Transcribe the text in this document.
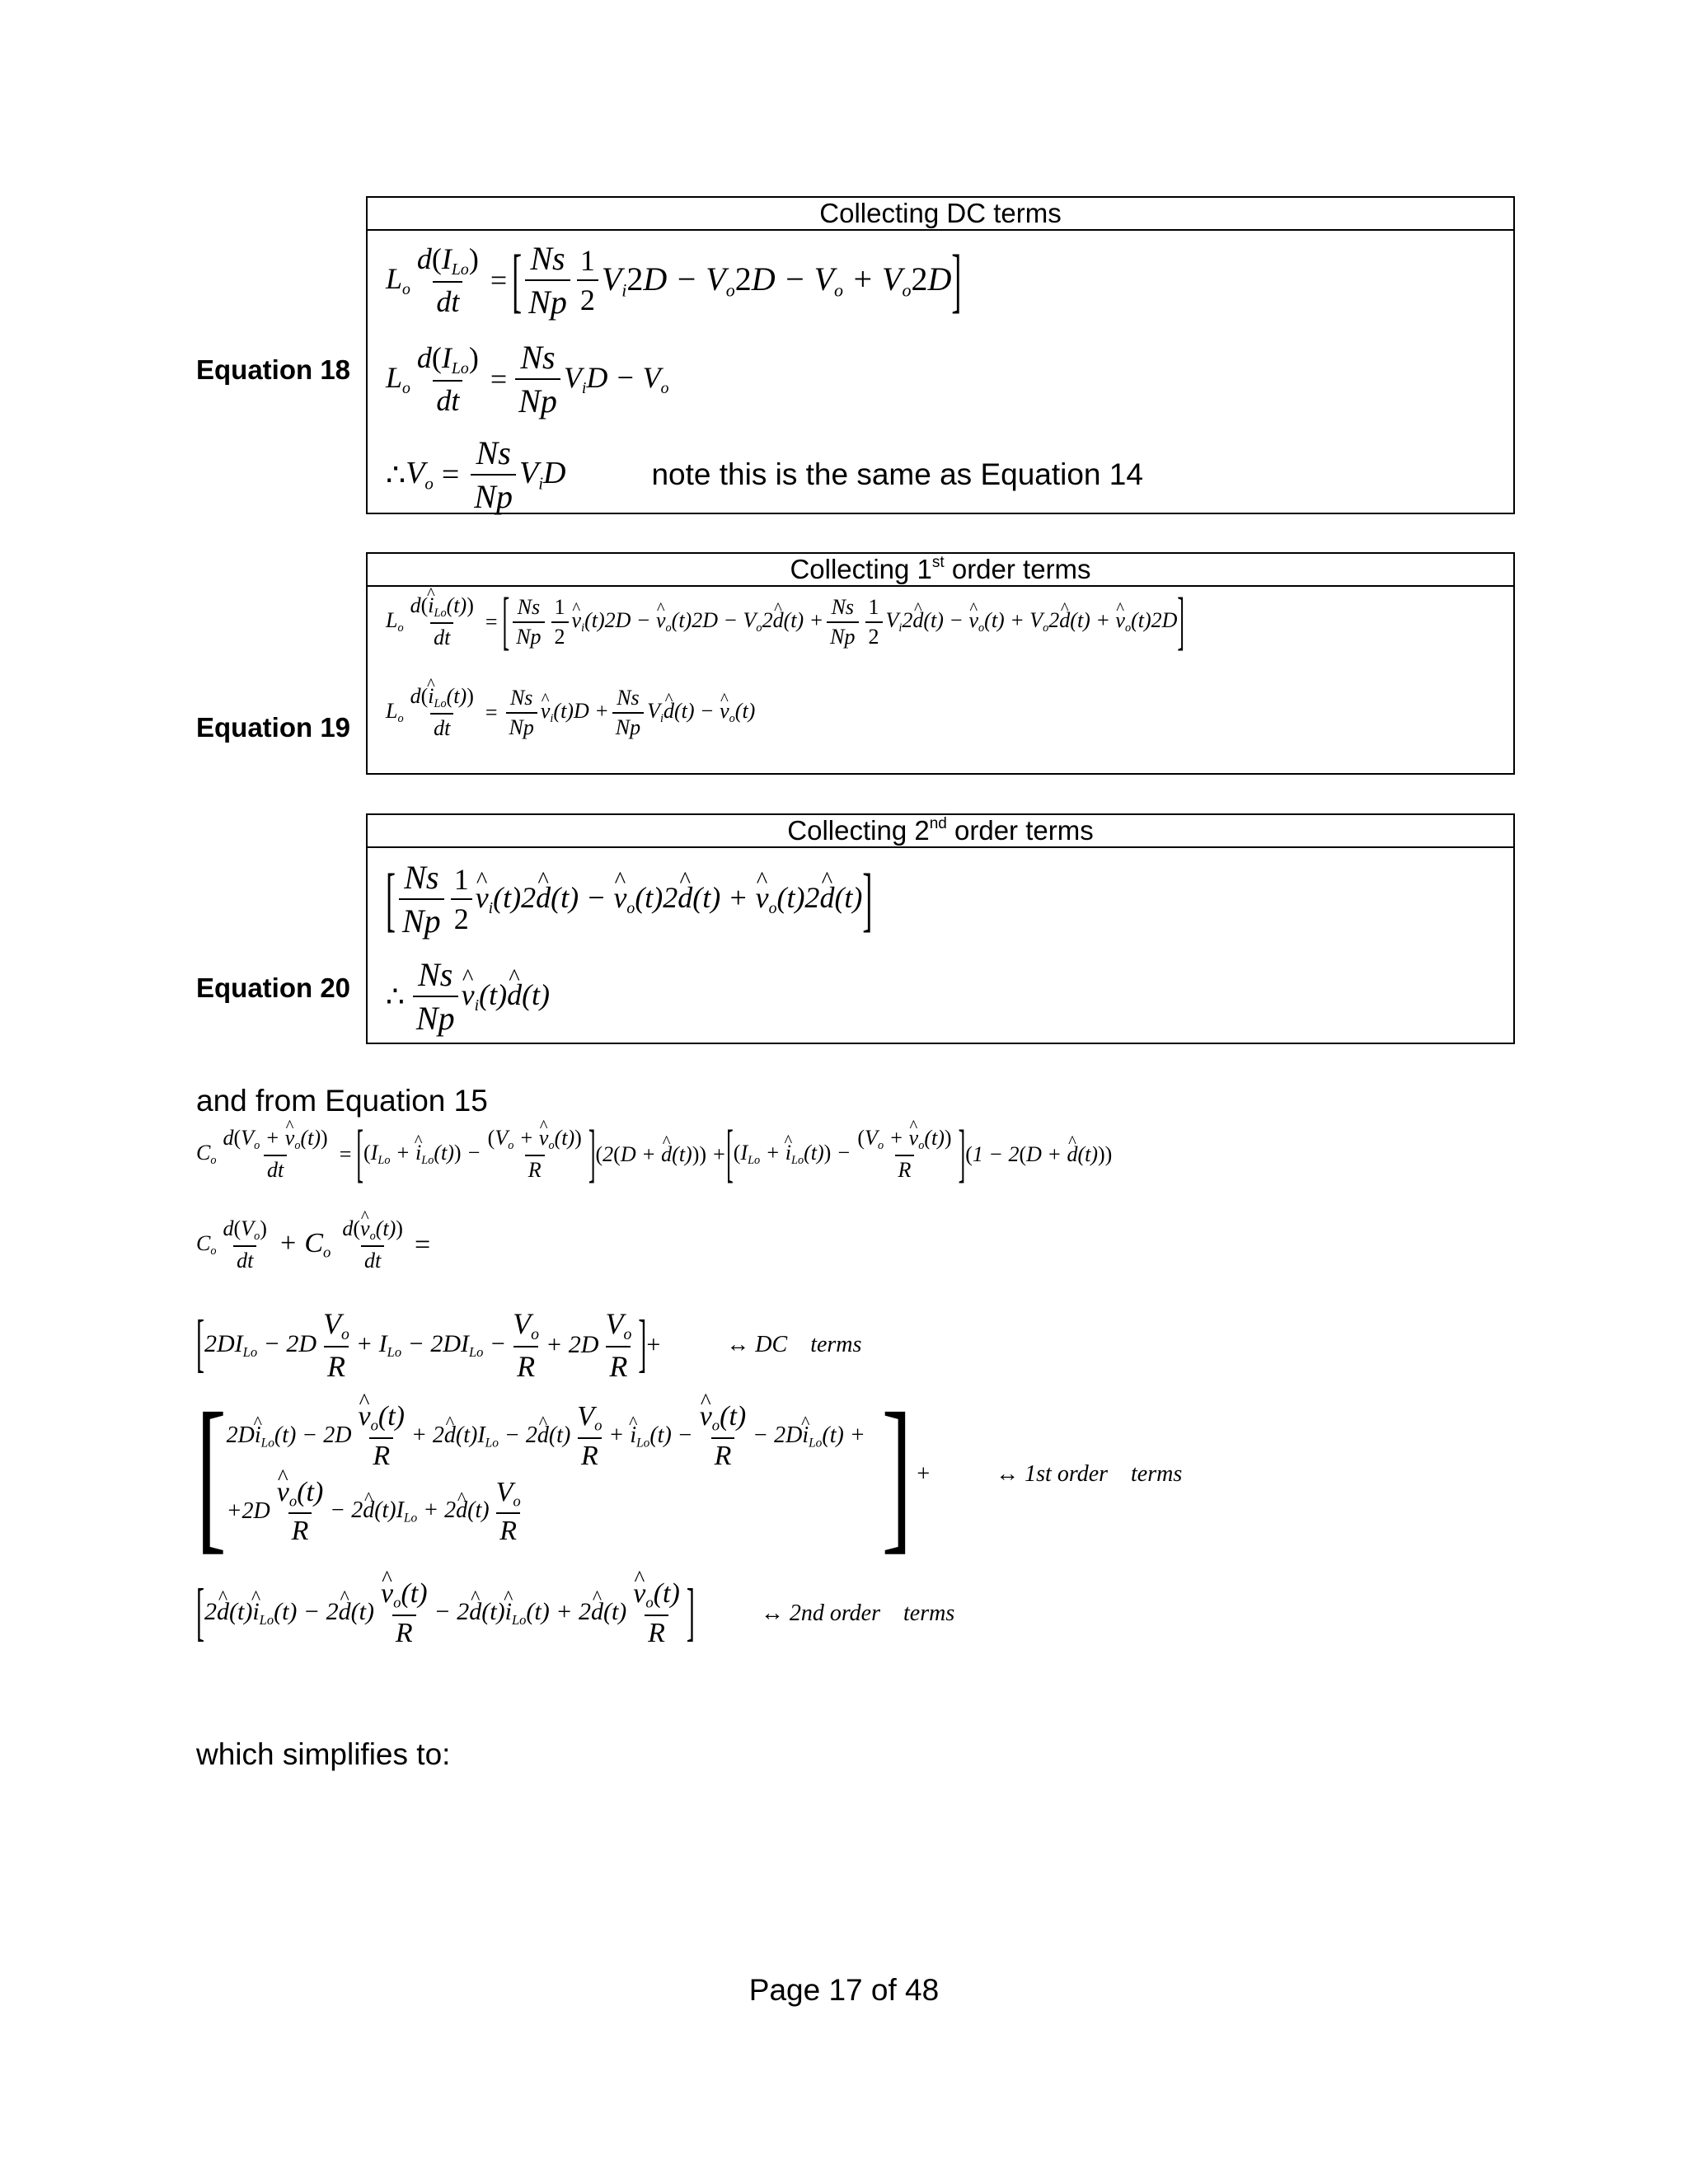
Equation 18
Collecting DC terms
$L_o \frac{d(I_{Lo})}{dt}$ = [ $\frac{Ns}{Np} \frac{1}{2} V_i2D - V_o2D - V_o + V_o2D$ ]
$L_o \frac{d(I_{Lo})}{dt} = \frac{Ns}{Np} V_iD - V_o$
∴ $V_o = \frac{Ns}{Np} V_iD$	note this is the same as Equation 14
Equation 19
Collecting 1st order terms
$L_o \frac{d(\^{} i_{Lo}(t))}{dt}$ = [ $\frac{Ns}{Np} \frac{1}{2}$ ^ $v_i(t)2D$ − ^ $v_o(t)2D$ − $V_o2\^{}$ $d(t) + \frac{Ns}{Np} \frac{1}{2}$ $V_i2\^{}$ d(t) − ^ $v_o(t)$ + $V_o2\^{}$ d(t) + ^ $v_o(t)2D$ ]
$L_o \frac{d(\^{} i_{Lo}(t))}{dt} = \frac{Ns}{Np}$ ^ $v_i(t)D + \frac{Ns}{Np}$ $V_i\^{}$ d(t) − ^ $v_o(t)$
Equation 20
Collecting 2nd order terms
[ $\frac{Ns}{Np} \frac{1}{2}$ ^ $v_i(t)2\^{}$ d(t) − ^ $v_o(t)2\^{}$ d(t) + ^ $v_o(t)2\^{}$ d(t) ]
∴ $\frac{Ns}{Np}$ ^ $v_i(t)\^{}$ d(t)
and from Equation 15
$C_o \frac{d(V_o + \^{} v_o(t))}{dt}$ = [ ($I_{Lo}$ + ^ $i_{Lo}(t)) - \frac{(V_o + \^{} v_o(t))}{R}$ ] (2(D + ^ d(t))) + [ ($I_{Lo}$ + ^ $i_{Lo}(t)) - \frac{(V_o + \^{} v_o(t))}{R}$ ] (1 − 2(D + ^ d(t)))
$C_o \frac{d(V_o)}{dt} + C_o \frac{d(\^{} v_o(t))}{dt}$ =
[ $2DI_{Lo} - 2D \frac{V_o}{R} + I_{Lo} - 2DI_{Lo} - \frac{V_o}{R} + 2D \frac{V_o}{R}$ ] +	↔ DC    terms
[ 2D^ $i_{Lo}(t) - 2D$ ^ $\frac{v_o(t)}{R}$ + 2^ $d(t)I_{Lo}$ − 2^ $d(t) \frac{V_o}{R}$ + ^ $i_{Lo}(t)$ − ^ $\frac{v_o(t)}{R}$ − 2D^ $i_{Lo}(t)$ +
+2D ^ $\frac{v_o(t)}{R}$ − 2^ $d(t)I_{Lo}$ + 2^ $d(t) \frac{V_o}{R}$	] +	↔ 1st order    terms
[ 2^ d(t)^ $i_{Lo}(t)$ − 2^ d(t) ^ $\frac{v_o(t)}{R}$ − 2^ d(t)^ $i_{Lo}(t)$ + 2^ d(t) ^ $\frac{v_o(t)}{R}$ ]	↔ 2nd order    terms
which simplifies to:
Page 17 of 48
